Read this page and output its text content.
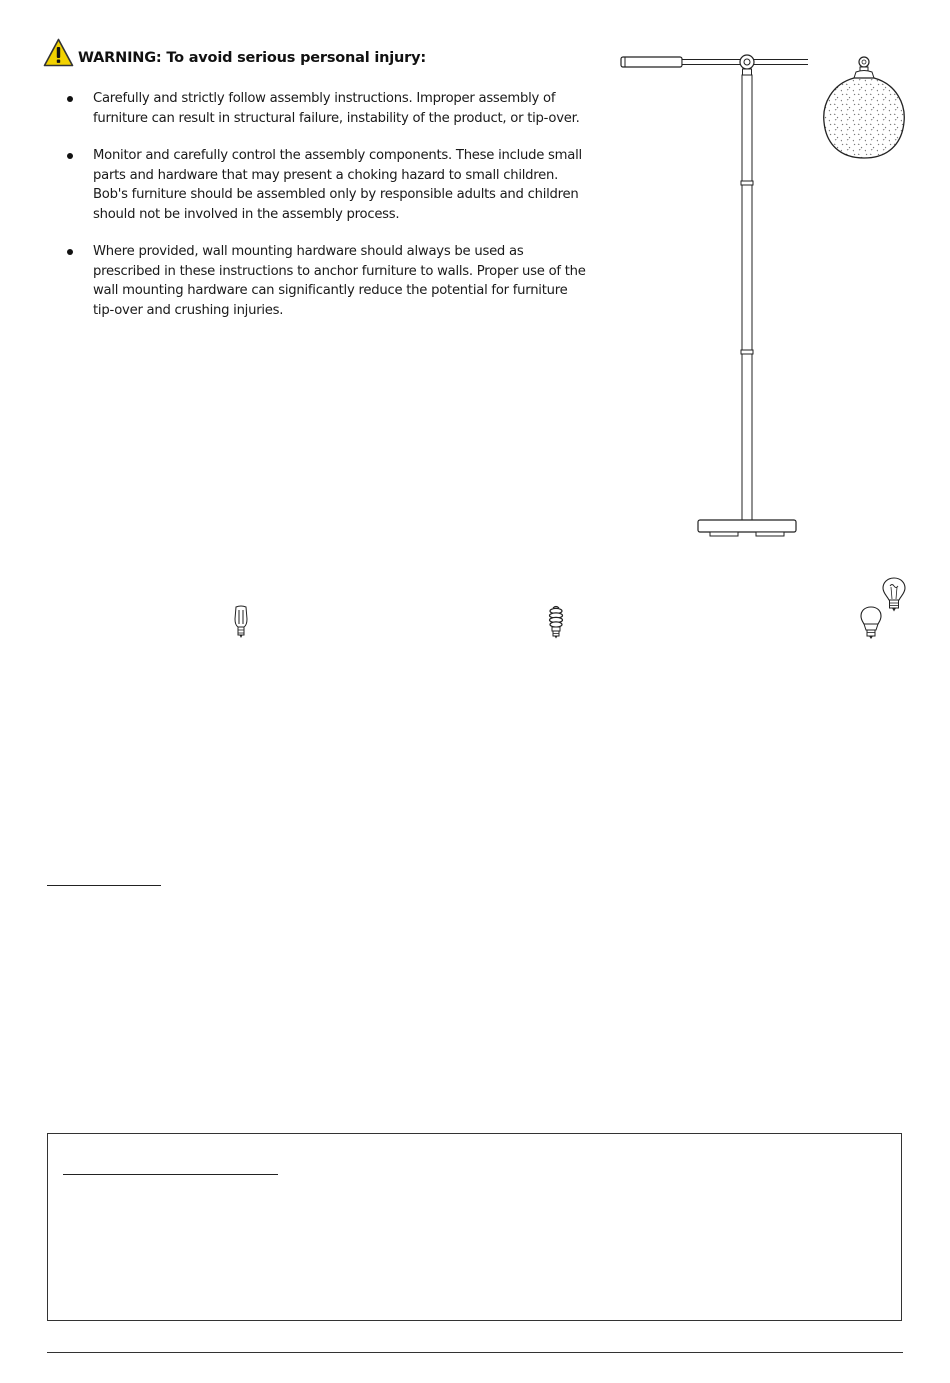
WARNING: To avoid serious personal injury:
Carefully and strictly follow assembly instructions. Improper assembly of
furniture can result in structural failure, instability of the product, or tip-over.
Monitor and carefully control the assembly components. These include small
parts and hardware that may present a choking hazard to small children.
Bob's furniture should be assembled only by responsible adults and children
should not be involved in the assembly process.
Where provided, wall mounting hardware should always be used as
prescribed in these instructions to anchor furniture to walls. Proper use of the
wall mounting hardware can significantly reduce the potential for furniture
tip-over and crushing injuries.
